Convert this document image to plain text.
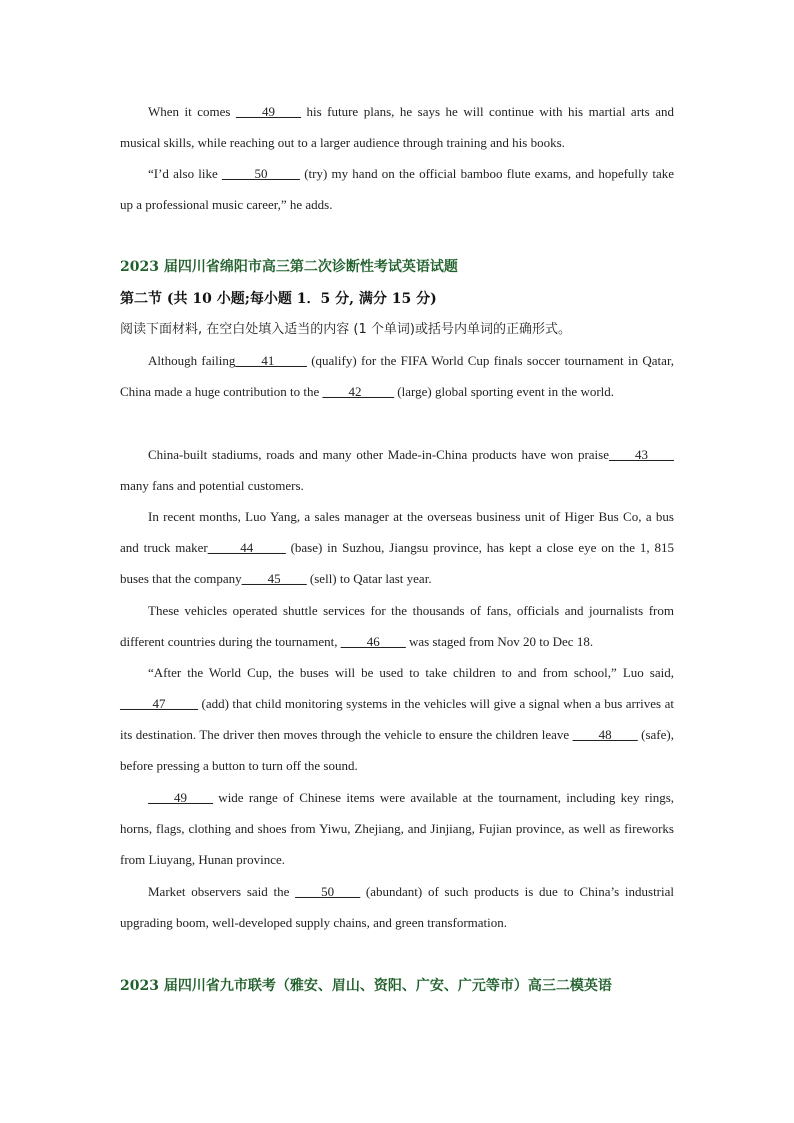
When it comes ____49____ his future plans, he says he will continue with his martial arts and musical skills, while reaching out to a larger audience through training and his books.
“I’d also like _____50_____ (try) my hand on the official bamboo flute exams, and hopefully take up a professional music career,” he adds.
2023 届四川省绵阳市高三第二次诊断性考试英语试题
第二节 (共 10 小题;每小题 1．5 分, 满分 15 分)
阅读下面材料, 在空白处填入适当的内容 (1 个单词)或括号内单词的正确形式。
Although failing____41_____ (qualify) for the FIFA World Cup finals soccer tournament in Qatar, China made a huge contribution to the ____42_____ (large) global sporting event in the world.
China-built stadiums, roads and many other Made-in-China products have won praise____43____ many fans and potential customers.
In recent months, Luo Yang, a sales manager at the overseas business unit of Higer Bus Co, a bus and truck maker_____44_____ (base) in Suzhou, Jiangsu province, has kept a close eye on the 1, 815 buses that the company____45____ (sell) to Qatar last year.
These vehicles operated shuttle services for the thousands of fans, officials and journalists from different countries during the tournament, ____46____ was staged from Nov 20 to Dec 18.
“After the World Cup, the buses will be used to take children to and from school,” Luo said, _____47_____ (add) that child monitoring systems in the vehicles will give a signal when a bus arrives at its destination. The driver then moves through the vehicle to ensure the children leave ____48____ (safe), before pressing a button to turn off the sound.
____49____ wide range of Chinese items were available at the tournament, including key rings, horns, flags, clothing and shoes from Yiwu, Zhejiang, and Jinjiang, Fujian province, as well as fireworks from Liuyang, Hunan province.
Market observers said the ____50____ (abundant) of such products is due to China’s industrial upgrading boom, well-developed supply chains, and green transformation.
2023 届四川省九市联考（雅安、眉山、资阳、广安、广元等市）高三二模英语
